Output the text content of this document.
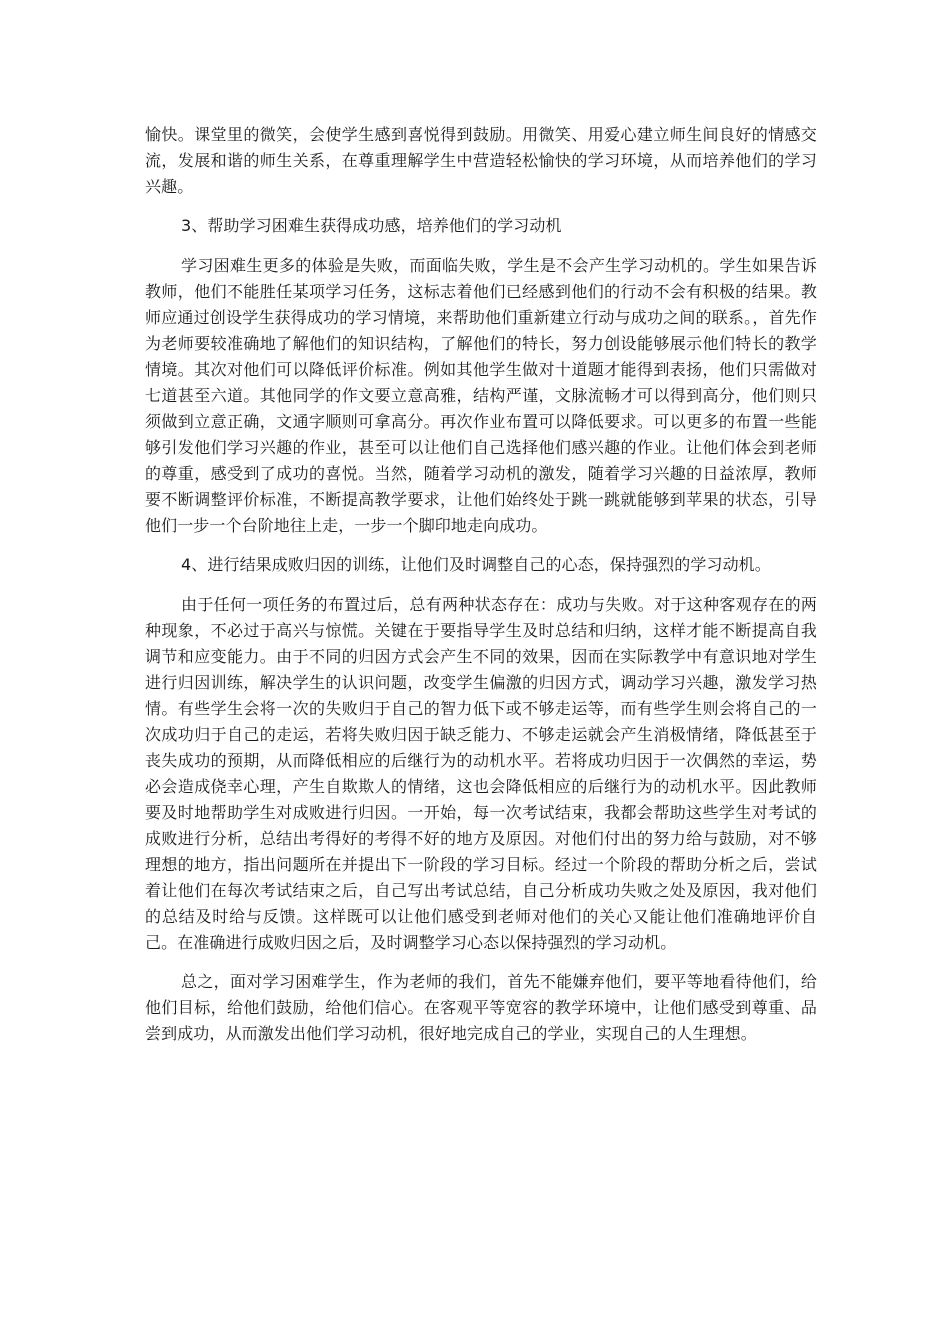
愉快。课堂里的微笑，会使学生感到喜悦得到鼓励。用微笑、用爱心建立师生间良好的情感交流，发展和谐的师生关系，在尊重理解学生中营造轻松愉快的学习环境，从而培养他们的学习兴趣。

3、帮助学习困难生获得成功感，培养他们的学习动机

学习困难生更多的体验是失败，而面临失败，学生是不会产生学习动机的。学生如果告诉教师，他们不能胜任某项学习任务，这标志着他们已经感到他们的行动不会有积极的结果。教师应通过创设学生获得成功的学习情境，来帮助他们重新建立行动与成功之间的联系。，首先作为老师要较准确地了解他们的知识结构，了解他们的特长，努力创设能够展示他们特长的教学情境。其次对他们可以降低评价标准。例如其他学生做对十道题才能得到表扬，他们只需做对七道甚至六道。其他同学的作文要立意高雅，结构严谨，文脉流畅才可以得到高分，他们则只须做到立意正确，文通字顺则可拿高分。再次作业布置可以降低要求。可以更多的布置一些能够引发他们学习兴趣的作业，甚至可以让他们自己选择他们感兴趣的作业。让他们体会到老师的尊重，感受到了成功的喜悦。当然，随着学习动机的激发，随着学习兴趣的日益浓厚，教师要不断调整评价标准，不断提高教学要求，让他们始终处于跳一跳就能够到苹果的状态，引导他们一步一个台阶地往上走，一步一个脚印地走向成功。

4、进行结果成败归因的训练，让他们及时调整自己的心态，保持强烈的学习动机。

由于任何一项任务的布置过后，总有两种状态存在：成功与失败。对于这种客观存在的两种现象，不必过于高兴与惊慌。关键在于要指导学生及时总结和归纳，这样才能不断提高自我调节和应变能力。由于不同的归因方式会产生不同的效果，因而在实际教学中有意识地对学生进行归因训练，解决学生的认识问题，改变学生偏激的归因方式，调动学习兴趣，激发学习热情。有些学生会将一次的失败归于自己的智力低下或不够走运等，而有些学生则会将自己的一次成功归于自己的走运，若将失败归因于缺乏能力、不够走运就会产生消极情绪，降低甚至于丧失成功的预期，从而降低相应的后继行为的动机水平。若将成功归因于一次偶然的幸运，势必会造成侥幸心理，产生自欺欺人的情绪，这也会降低相应的后继行为的动机水平。因此教师要及时地帮助学生对成败进行归因。一开始，每一次考试结束，我都会帮助这些学生对考试的成败进行分析，总结出考得好的考得不好的地方及原因。对他们付出的努力给与鼓励，对不够理想的地方，指出问题所在并提出下一阶段的学习目标。经过一个阶段的帮助分析之后，尝试着让他们在每次考试结束之后，自己写出考试总结，自己分析成功失败之处及原因，我对他们的总结及时给与反馈。这样既可以让他们感受到老师对他们的关心又能让他们准确地评价自己。在准确进行成败归因之后，及时调整学习心态以保持强烈的学习动机。

总之，面对学习困难学生，作为老师的我们，首先不能嫌弃他们，要平等地看待他们，给他们目标，给他们鼓励，给他们信心。在客观平等宽容的教学环境中，让他们感受到尊重、品尝到成功，从而激发出他们学习动机，很好地完成自己的学业，实现自己的人生理想。
